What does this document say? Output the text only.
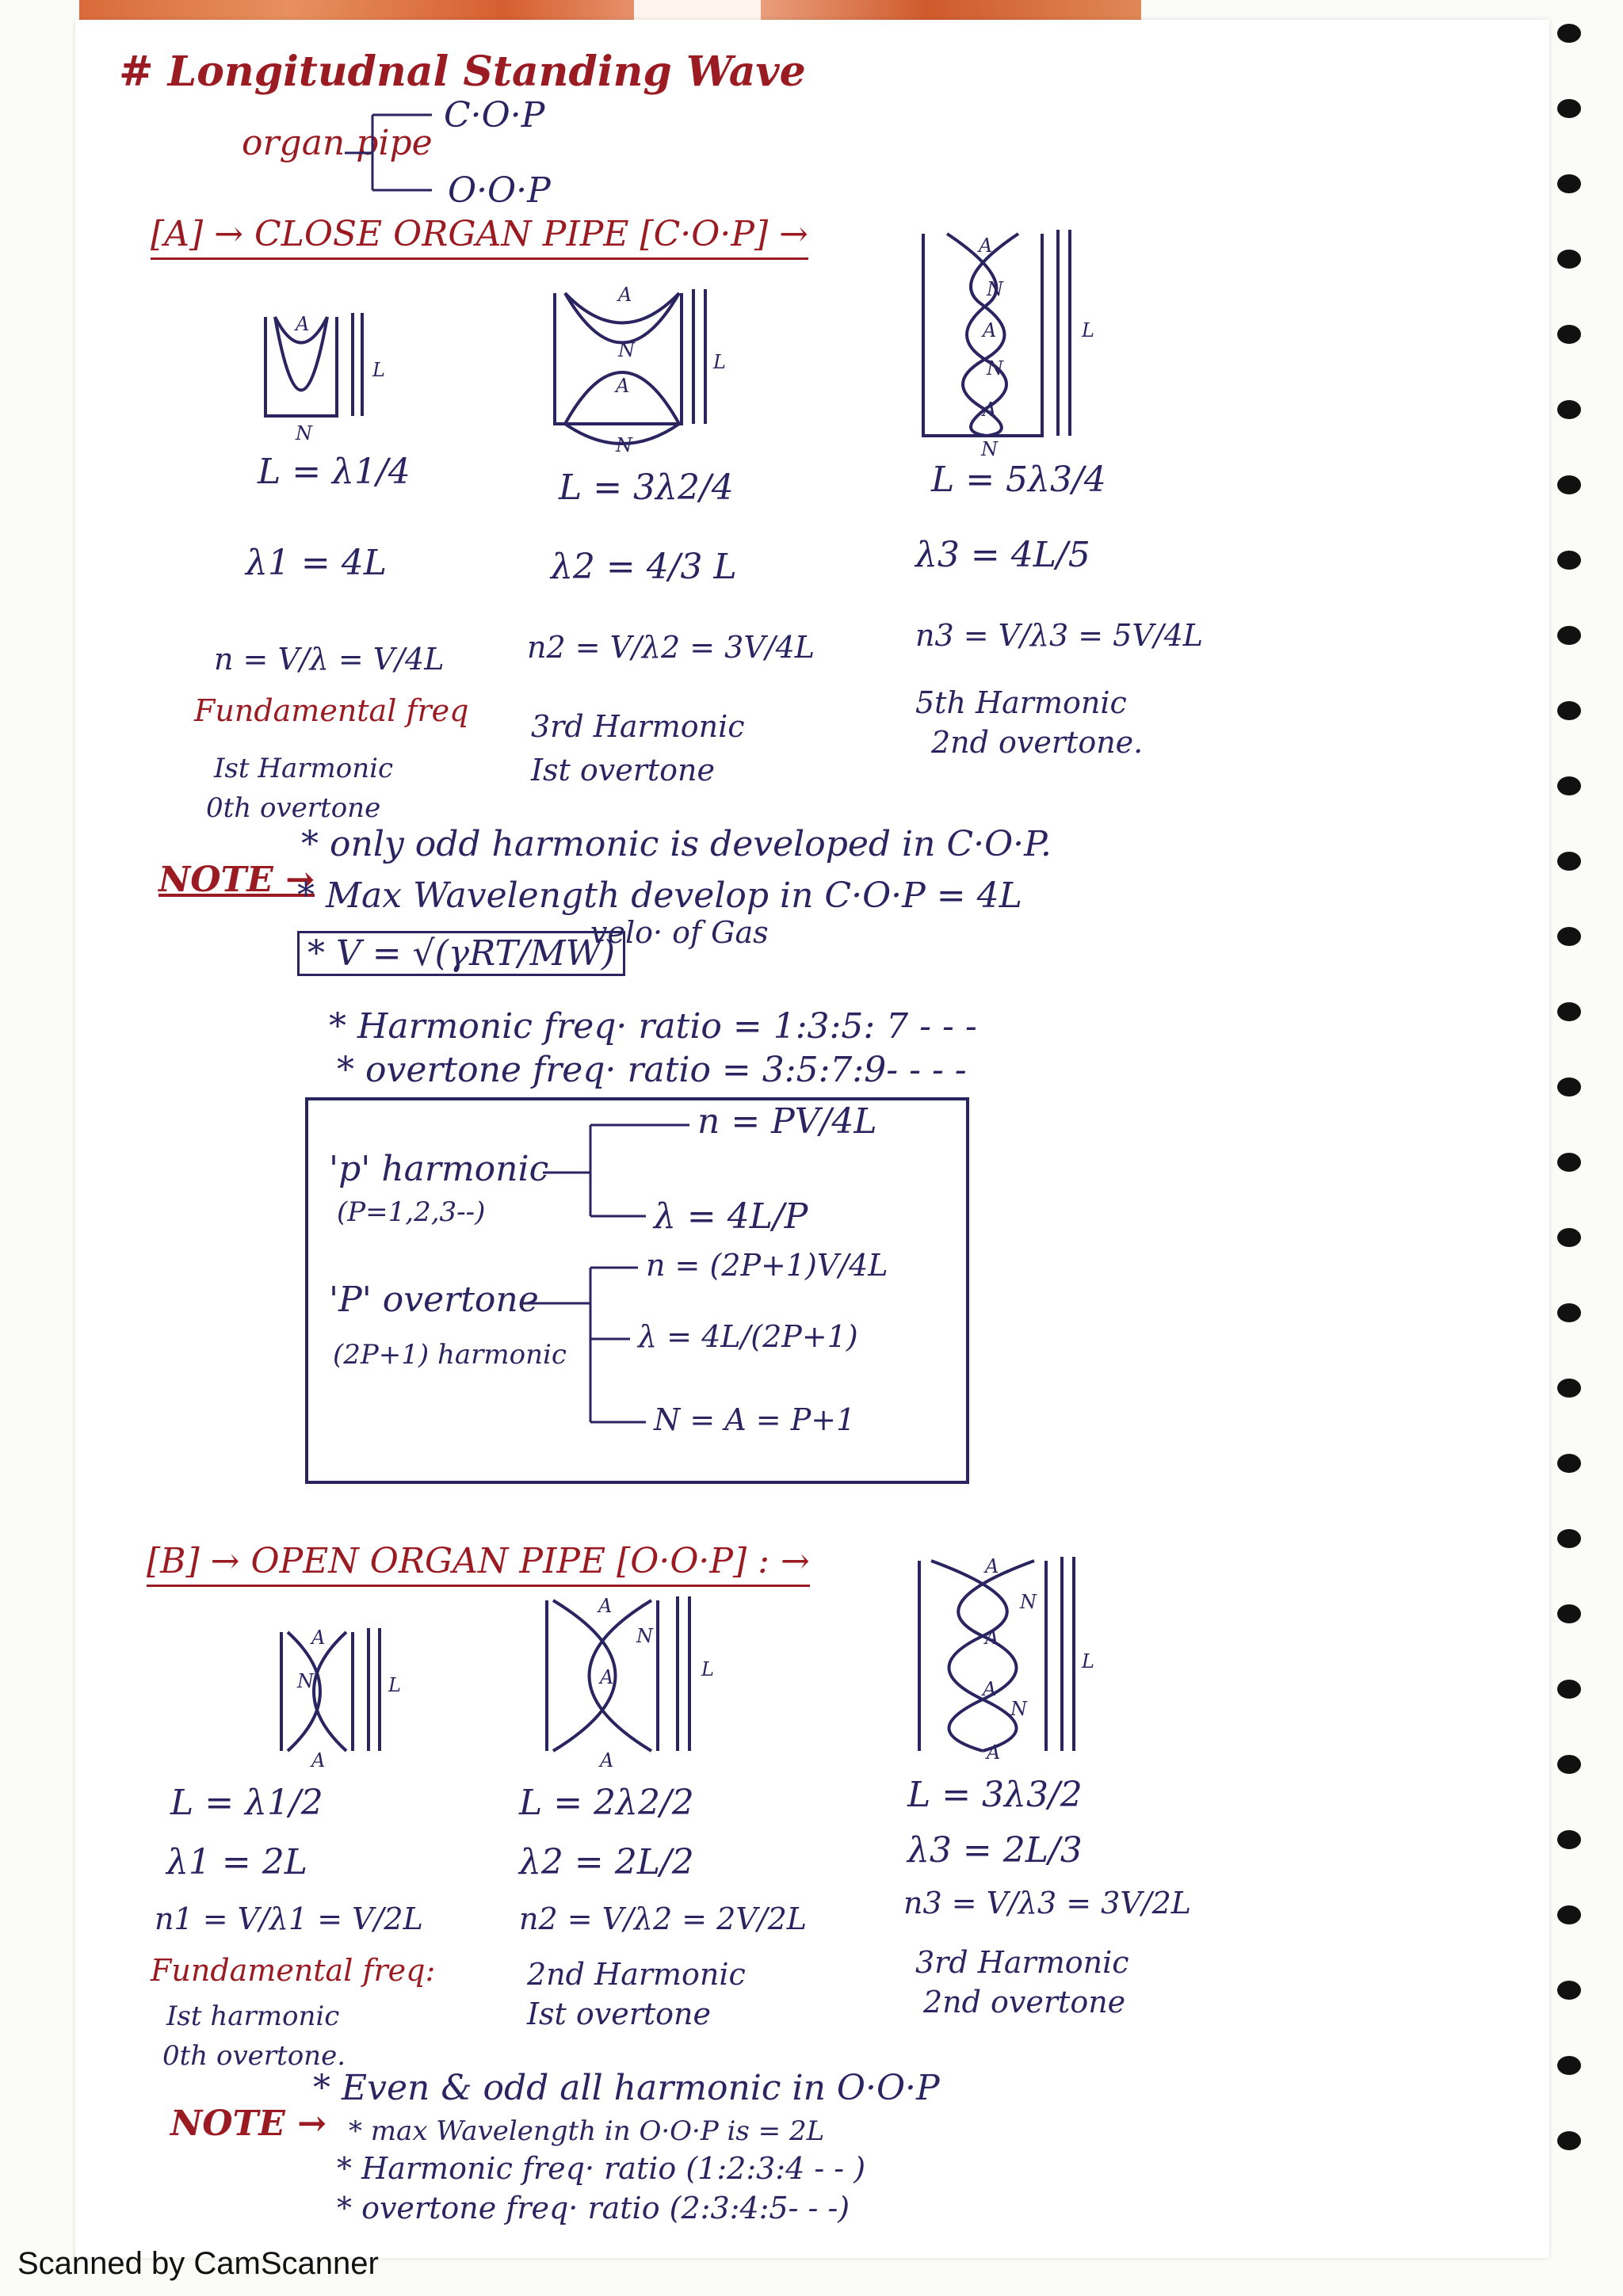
# Longitudnal Standing Wave
organ pipe
C·O·P
O·O·P
[A] → CLOSE ORGAN PIPE [C·O·P] →
A
N
L
A
N
A
N
L
A
N
A
N
A
N
L
L = λ1/4
λ1 = 4L
n = V/λ = V/4L
Fundamental freq
Ist Harmonic
0th overtone
L = 3λ2/4
λ2 = 4/3 L
n2 = V/λ2 = 3V/4L
3rd Harmonic
Ist overtone
L = 5λ3/4
λ3 = 4L/5
n3 = V/λ3 = 5V/4L
5th Harmonic
2nd overtone.
NOTE →
* only odd harmonic is developed in C·O·P.
* Max Wavelength develop in C·O·P = 4L
* V = √(γRT/MW)
velo· of Gas
* Harmonic freq· ratio = 1:3:5: 7 - - -
* overtone freq· ratio = 3:5:7:9- - - -
'p' harmonic
(P=1,2,3--)
n = PV/4L
λ = 4L/P
'P' overtone
(2P+1) harmonic
n = (2P+1)V/4L
λ = 4L/(2P+1)
N = A = P+1
[B] → OPEN ORGAN PIPE [O·O·P] : →
A
N
A
L
A
N
A
A
L
A
N
A
A
N
A
L
L = λ1/2
λ1 = 2L
n1 = V/λ1 = V/2L
Fundamental freq:
Ist harmonic
0th overtone.
L = 2λ2/2
λ2 = 2L/2
n2 = V/λ2 = 2V/2L
2nd Harmonic
Ist overtone
L = 3λ3/2
λ3 = 2L/3
n3 = V/λ3 = 3V/2L
3rd Harmonic
2nd overtone
NOTE →
* Even & odd all harmonic in O·O·P
* max Wavelength in O·O·P is = 2L
* Harmonic freq· ratio (1:2:3:4 - - )
* overtone freq· ratio (2:3:4:5- - -)
Scanned by CamScanner
